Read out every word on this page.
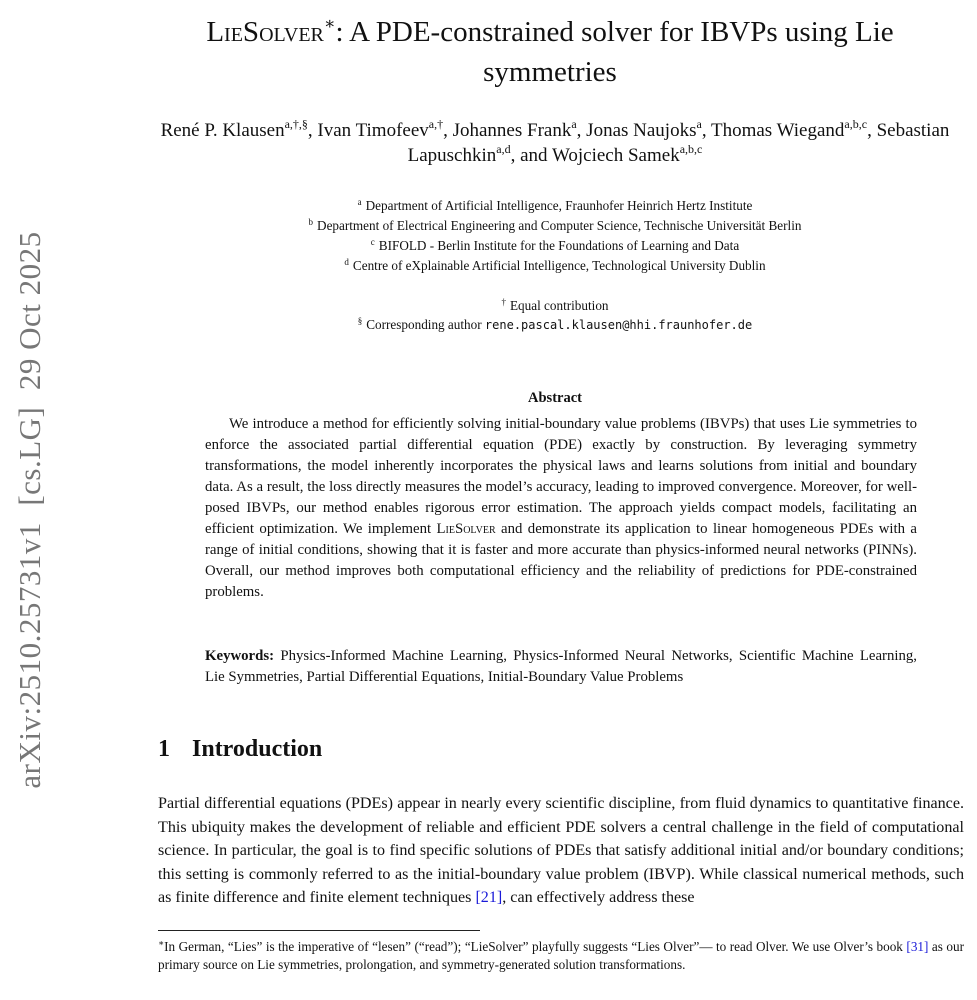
arXiv:2510.25731v1  [cs.LG]  29 Oct 2025
LieSolver∗: A PDE-constrained solver for IBVPs using Lie symmetries
René P. Klausen$^{a,\dagger,\S}$, Ivan Timofeev$^{a,\dagger}$, Johannes Frank$^a$, Jonas Naujoks$^a$, Thomas Wiegand$^{a,b,c}$, Sebastian Lapuschkin$^{a,d}$, and Wojciech Samek$^{a,b,c}$
$^a$ Department of Artificial Intelligence, Fraunhofer Heinrich Hertz Institute
$^b$ Department of Electrical Engineering and Computer Science, Technische Universität Berlin
$^c$ BIFOLD - Berlin Institute for the Foundations of Learning and Data
$^d$ Centre of eXplainable Artificial Intelligence, Technological University Dublin
† Equal contribution
§ Corresponding author rene.pascal.klausen@hhi.fraunhofer.de
Abstract
We introduce a method for efficiently solving initial-boundary value problems (IBVPs) that uses Lie symmetries to enforce the associated partial differential equation (PDE) exactly by construction. By leveraging symmetry transformations, the model inherently incorporates the physical laws and learns solutions from initial and boundary data. As a result, the loss directly measures the model’s accuracy, leading to improved convergence. Moreover, for well-posed IBVPs, our method enables rigorous error estimation. The approach yields compact models, facilitating an efficient optimization. We implement LieSolver and demonstrate its application to linear homogeneous PDEs with a range of initial conditions, showing that it is faster and more accurate than physics-informed neural networks (PINNs). Overall, our method improves both computational efficiency and the reliability of predictions for PDE-constrained problems.
Keywords: Physics-Informed Machine Learning, Physics-Informed Neural Networks, Scientific Machine Learning, Lie Symmetries, Partial Differential Equations, Initial-Boundary Value Problems
1 Introduction
Partial differential equations (PDEs) appear in nearly every scientific discipline, from fluid dynamics to quantitative finance. This ubiquity makes the development of reliable and efficient PDE solvers a central challenge in the field of computational science. In particular, the goal is to find specific solutions of PDEs that satisfy additional initial and/or boundary conditions; this setting is commonly referred to as the initial-boundary value problem (IBVP). While classical numerical methods, such as finite difference and finite element techniques [21], can effectively address these
∗In German, “Lies” is the imperative of “lesen” (“read”); “LieSolver” playfully suggests “Lies Olver”— to read Olver. We use Olver’s book [31] as our primary source on Lie symmetries, prolongation, and symmetry-generated solution transformations.
